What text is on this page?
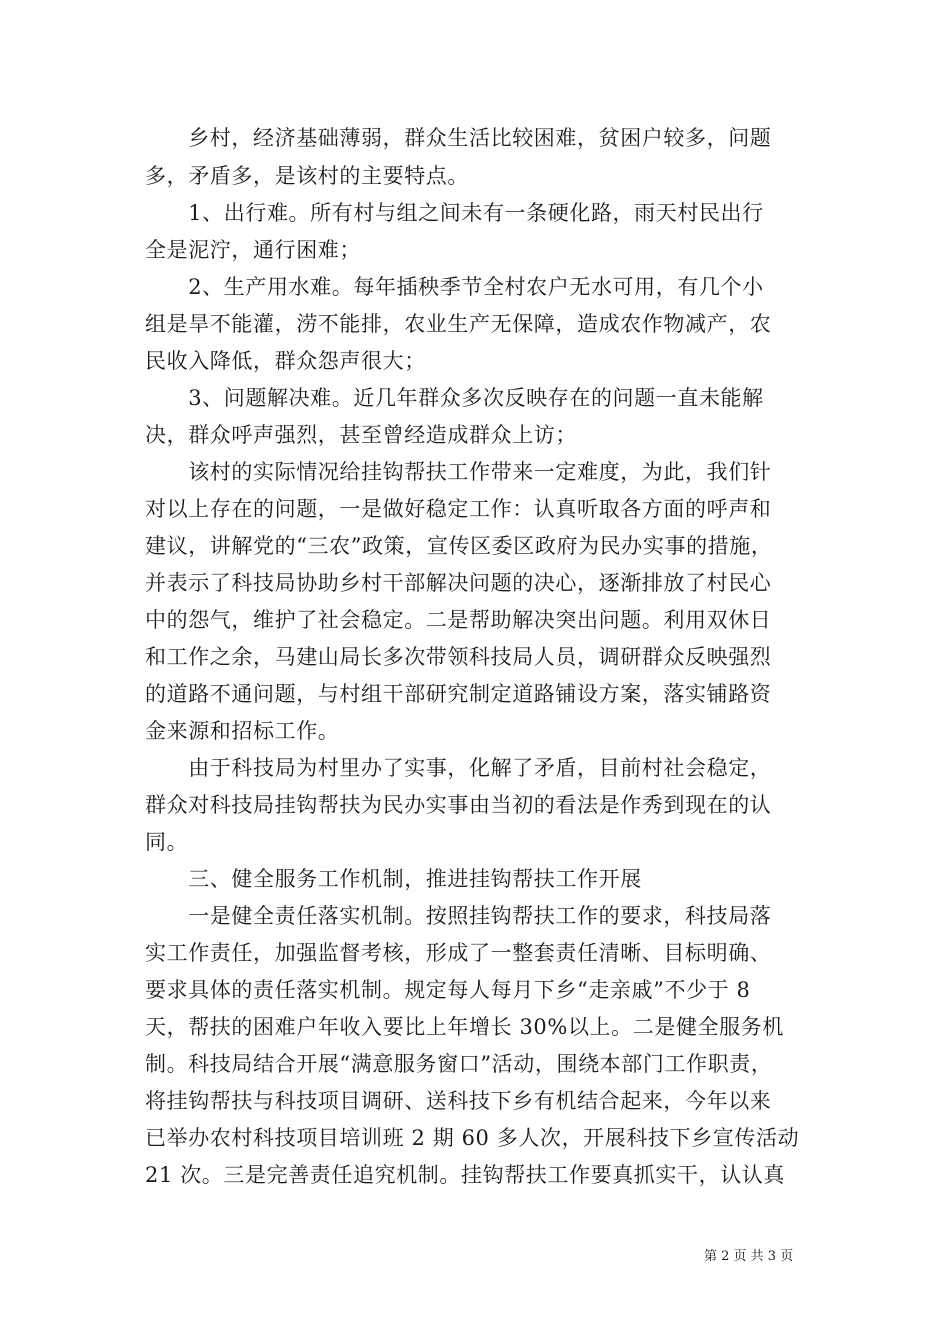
　　乡村，经济基础薄弱，群众生活比较困难，贫困户较多，问题
多，矛盾多，是该村的主要特点。
　　1、出行难。所有村与组之间未有一条硬化路，雨天村民出行
全是泥泞，通行困难；
　　2、生产用水难。每年插秧季节全村农户无水可用，有几个小
组是旱不能灌，涝不能排，农业生产无保障，造成农作物减产，农
民收入降低，群众怨声很大；
　　3、问题解决难。近几年群众多次反映存在的问题一直未能解
决，群众呼声强烈，甚至曾经造成群众上访；
　　该村的实际情况给挂钩帮扶工作带来一定难度，为此，我们针
对以上存在的问题，一是做好稳定工作：认真听取各方面的呼声和
建议，讲解党的“三农”政策，宣传区委区政府为民办实事的措施，
并表示了科技局协助乡村干部解决问题的决心，逐渐排放了村民心
中的怨气，维护了社会稳定。二是帮助解决突出问题。利用双休日
和工作之余，马建山局长多次带领科技局人员，调研群众反映强烈
的道路不通问题，与村组干部研究制定道路铺设方案，落实铺路资
金来源和招标工作。
　　由于科技局为村里办了实事，化解了矛盾，目前村社会稳定，
群众对科技局挂钩帮扶为民办实事由当初的看法是作秀到现在的认
同。
　　三、健全服务工作机制，推进挂钩帮扶工作开展
　　一是健全责任落实机制。按照挂钩帮扶工作的要求，科技局落
实工作责任，加强监督考核，形成了一整套责任清晰、目标明确、
要求具体的责任落实机制。规定每人每月下乡“走亲戚”不少于 8
天，帮扶的困难户年收入要比上年增长 30%以上。二是健全服务机
制。科技局结合开展“满意服务窗口”活动，围绕本部门工作职责，
将挂钩帮扶与科技项目调研、送科技下乡有机结合起来，今年以来
已举办农村科技项目培训班 2 期 60 多人次，开展科技下乡宣传活动
21 次。三是完善责任追究机制。挂钩帮扶工作要真抓实干，认认真
第 2 页 共 3 页
